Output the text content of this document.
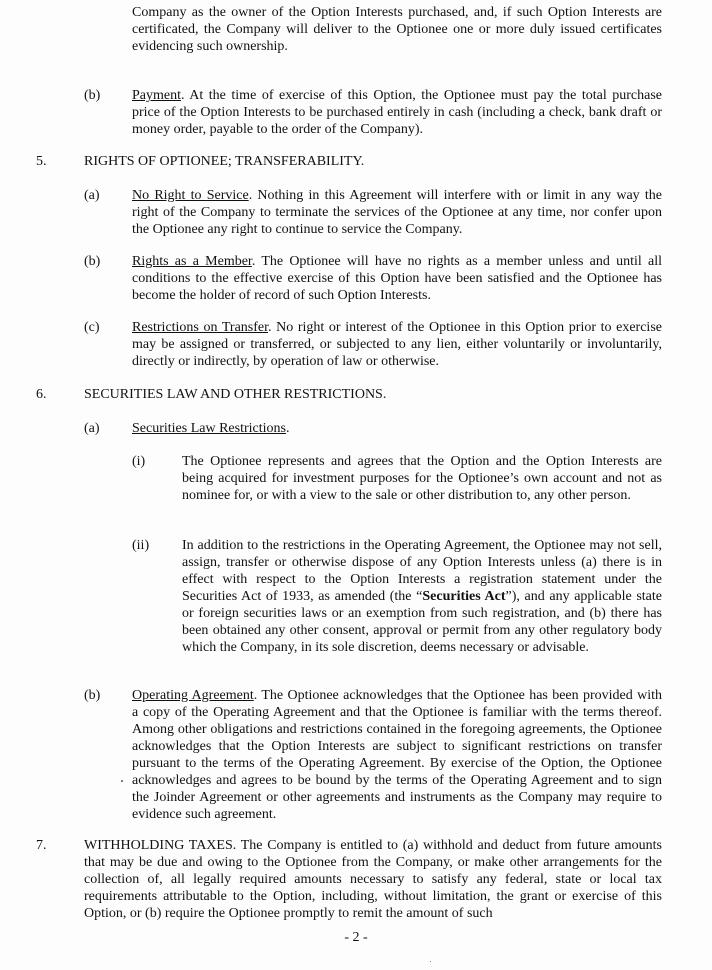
Company as the owner of the Option Interests purchased, and, if such Option Interests are certificated, the Company will deliver to the Optionee one or more duly issued certificates evidencing such ownership.

(b) Payment. At the time of exercise of this Option, the Optionee must pay the total purchase price of the Option Interests to be purchased entirely in cash (including a check, bank draft or money order, payable to the order of the Company).

5.	RIGHTS OF OPTIONEE; TRANSFERABILITY.

(a) No Right to Service. Nothing in this Agreement will interfere with or limit in any way the right of the Company to terminate the services of the Optionee at any time, nor confer upon the Optionee any right to continue to service the Company.

(b) Rights as a Member. The Optionee will have no rights as a member unless and until all conditions to the effective exercise of this Option have been satisfied and the Optionee has become the holder of record of such Option Interests.

(c) Restrictions on Transfer. No right or interest of the Optionee in this Option prior to exercise may be assigned or transferred, or subjected to any lien, either voluntarily or involuntarily, directly or indirectly, by operation of law or otherwise.

6.	SECURITIES LAW AND OTHER RESTRICTIONS.

(a) Securities Law Restrictions.

(i)	The Optionee represents and agrees that the Option and the Option Interests are being acquired for investment purposes for the Optionee’s own account and not as nominee for, or with a view to the sale or other distribution to, any other person.

(ii) In addition to the restrictions in the Operating Agreement, the Optionee may not sell, assign, transfer or otherwise dispose of any Option Interests unless (a) there is in effect with respect to the Option Interests a registration statement under the Securities Act of 1933, as amended (the “Securities Act”), and any applicable state or foreign securities laws or an exemption from such registration, and (b) there has been obtained any other consent, approval or permit from any other regulatory body which the Company, in its sole discretion, deems necessary or advisable.

(b) Operating Agreement. The Optionee acknowledges that the Optionee has been provided with a copy of the Operating Agreement and that the Optionee is familiar with the terms thereof. Among other obligations and restrictions contained in the foregoing agreements, the Optionee acknowledges that the Option Interests are subject to significant restrictions on transfer pursuant to the terms of the Operating Agreement. By exercise of the Option, the Optionee acknowledges and agrees to be bound by the terms of the Operating Agreement and to sign the Joinder Agreement or other agreements and instruments as the Company may require to evidence such agreement.

7.	WITHHOLDING TAXES. The Company is entitled to (a) withhold and deduct from future amounts that may be due and owing to the Optionee from the Company, or make other arrangements for the collection of, all legally required amounts necessary to satisfy any federal, state or local tax requirements attributable to the Option, including, without limitation, the grant or exercise of this Option, or (b) require the Optionee promptly to remit the amount of such

- 2 -
